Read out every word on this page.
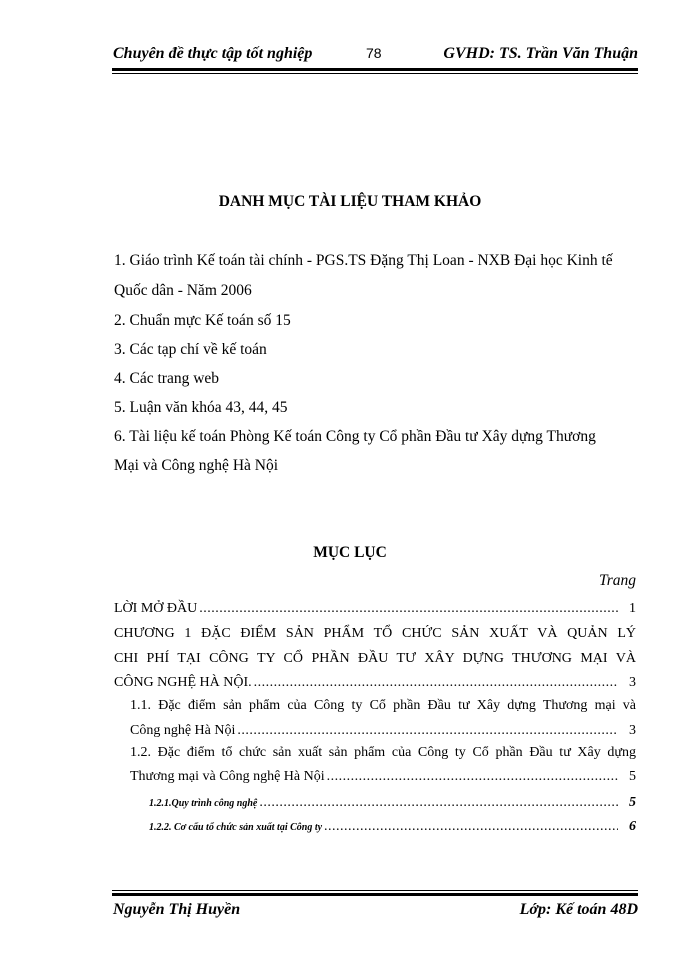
Chuyên đề thực tập tốt nghiệp	78	GVHD: TS. Trần Văn Thuận
DANH MỤC TÀI LIỆU THAM KHẢO
1. Giáo trình Kế toán tài chính - PGS.TS Đặng Thị Loan - NXB Đại học Kinh tế
Quốc dân - Năm 2006
2. Chuẩn mực Kế toán số 15
3. Các tạp chí về kế toán
4. Các trang web
5. Luận văn khóa 43, 44, 45
6. Tài liệu kế toán Phòng Kế toán Công ty Cổ phần Đầu tư Xây dựng Thương
Mại và Công nghệ Hà Nội
MỤC LỤC
Trang
LỜI MỞ ĐẦU .....	1
CHƯƠNG 1 ĐẶC ĐIỂM SẢN PHẨM TỔ CHỨC SẢN XUẤT VÀ QUẢN LÝ
CHI PHÍ TẠI CÔNG TY CỔ PHẦN ĐẦU TƯ XÂY DỰNG THƯƠNG MẠI VÀ
CÔNG NGHỆ HÀ NỘI. .....	3
1.1. Đặc điểm sản phẩm của Công ty Cổ phần Đầu tư Xây dựng Thương mại và
Công nghệ Hà Nội .....	3
1.2. Đặc điểm tổ chức sản xuất sản phẩm của Công ty Cổ phần Đầu tư Xây dựng
Thương mại và Công nghệ Hà Nội .....	5
1.2.1.Quy trình công nghệ .....	5
1.2.2. Cơ cấu tổ chức sản xuất tại Công ty .....	6
Nguyễn Thị Huyền	Lớp: Kế toán 48D
